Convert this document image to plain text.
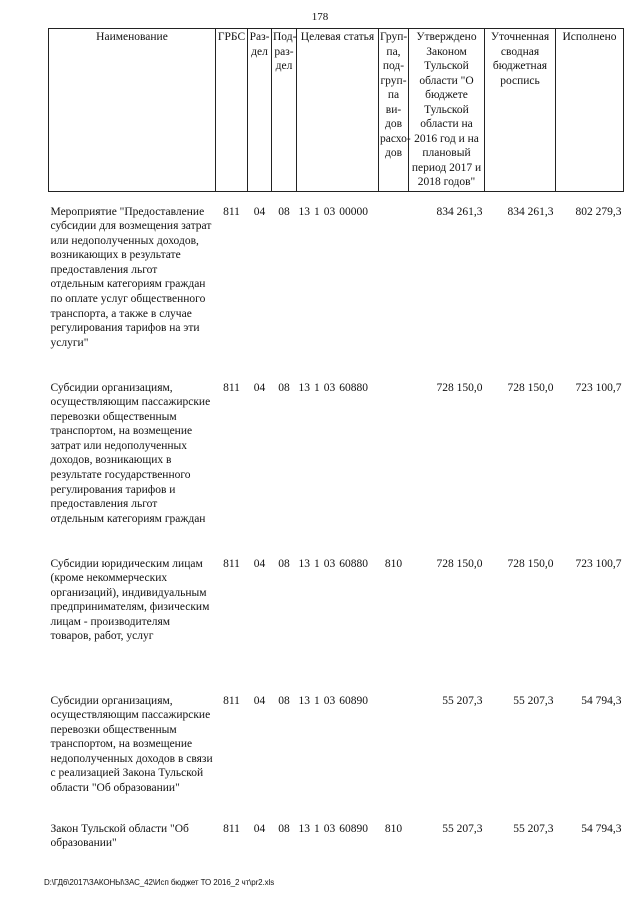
178
Наименование	ГРБС	Раз-дел	Под-раз-дел	Целевая статья	Груп-па, под-груп-па ви-дов расхо-дов	Утверждено Законом Тульской области "О бюджете Тульской области на 2016 год и на плановый период 2017 и 2018 годов"	Уточненная сводная бюджетная роспись	Исполнено
Мероприятие "Предоставление субсидии для возмещения затрат или недополученных доходов, возникающих в результате предоставления льгот отдельным категориям граждан по оплате услуг общественного транспорта, а также в случае регулирования тарифов на эти услуги"	811	04	08	13 1 03 00000		834 261,3	834 261,3	802 279,3
Субсидии организациям, осуществляющим пассажирские перевозки общественным транспортом, на возмещение затрат или недополученных доходов, возникающих в результате государственного регулирования тарифов и предоставления льгот отдельным категориям граждан	811	04	08	13 1 03 60880		728 150,0	728 150,0	723 100,7
Субсидии юридическим лицам (кроме некоммерческих организаций), индивидуальным предпринимателям, физическим лицам - производителям товаров, работ, услуг	811	04	08	13 1 03 60880	810	728 150,0	728 150,0	723 100,7
Субсидии организациям, осуществляющим пассажирские перевозки общественным транспортом, на возмещение недополученных доходов в связи с реализацией Закона Тульской области "Об образовании"	811	04	08	13 1 03 60890		55 207,3	55 207,3	54 794,3
Закон Тульской области "Об образовании"	811	04	08	13 1 03 60890	810	55 207,3	55 207,3	54 794,3
D:\ГД6\2017\ЗАКОНЫ\ЗАС_42\Исп бюджет ТО 2016_2 чт\pr2.xls
